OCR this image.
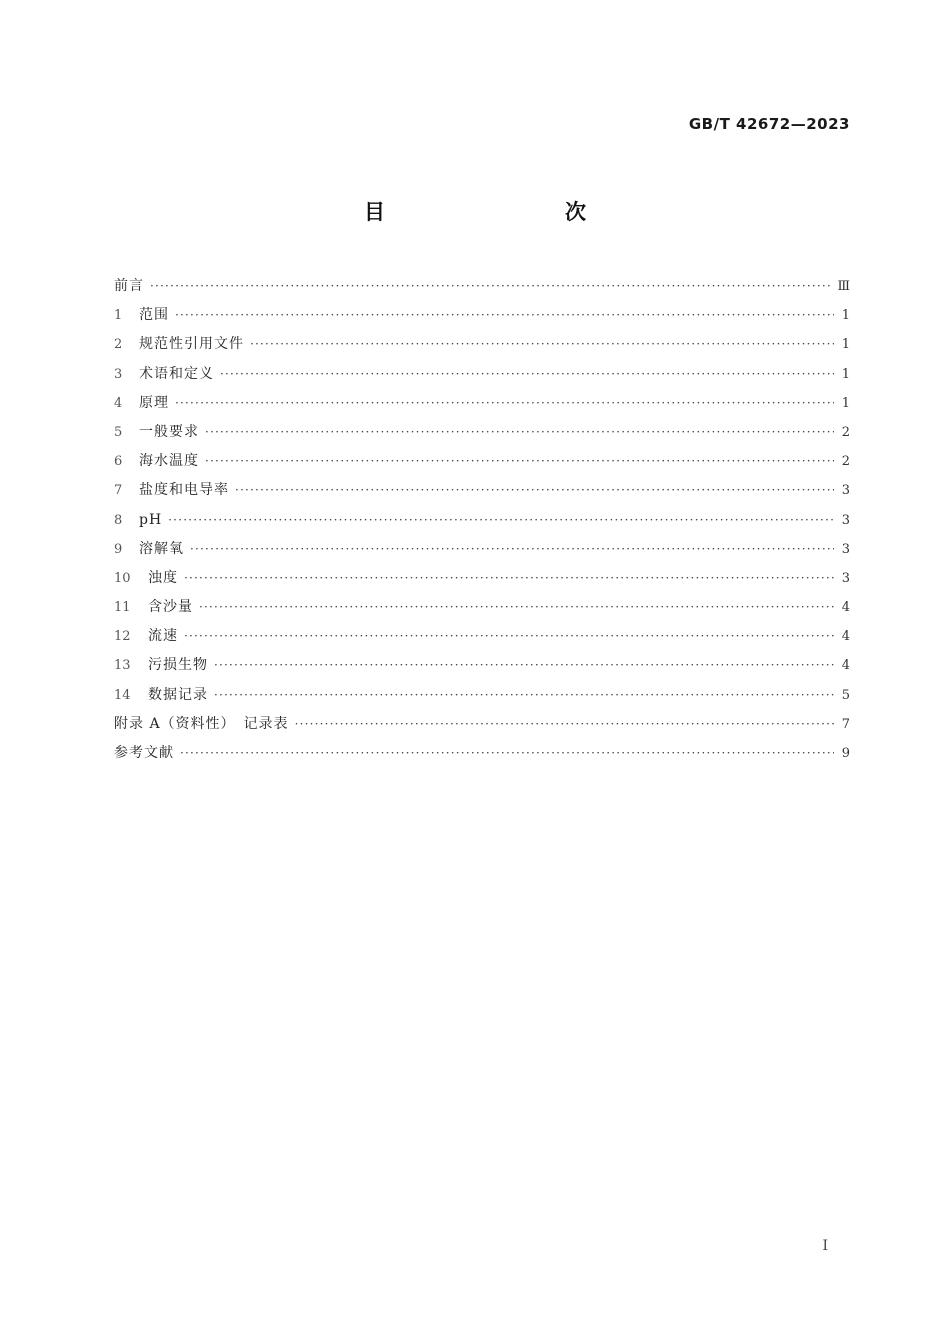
GB/T 42672—2023
目　　次
前言 ·····	Ⅲ
1	范围 ·····	1
2	规范性引用文件 ·····	1
3	术语和定义 ·····	1
4	原理 ·····	1
5	一般要求 ·····	2
6	海水温度 ·····	2
7	盐度和电导率 ·····	3
8	pH ·····	3
9	溶解氧 ·····	3
10	浊度 ·····	3
11	含沙量 ·····	4
12	流速 ·····	4
13	污损生物 ·····	4
14	数据记录 ·····	5
附录 A（资料性）　记录表 ·····	7
参考文献 ·····	9
I
